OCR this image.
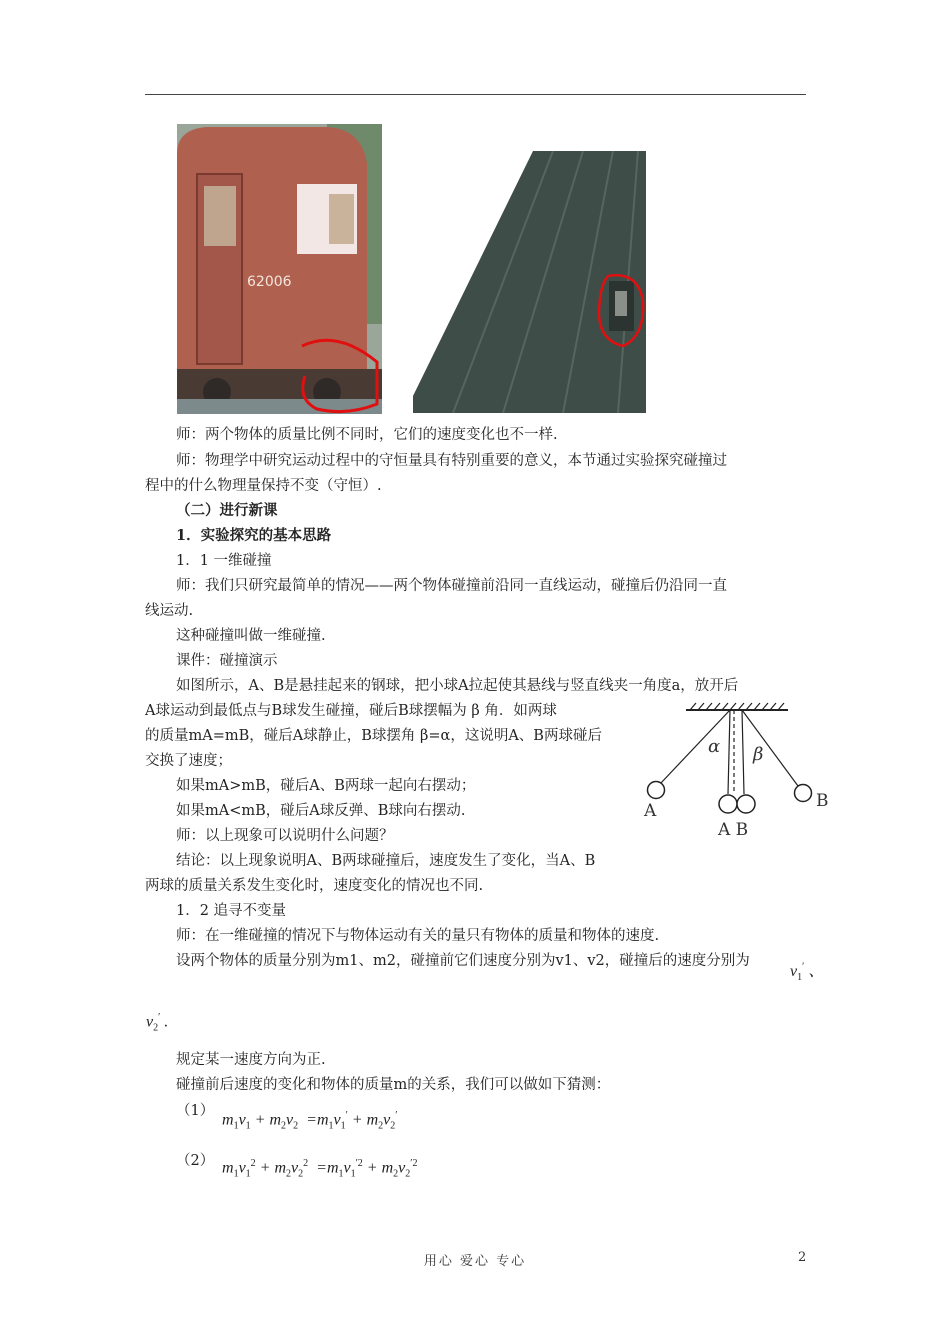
62006
师：两个物体的质量比例不同时，它们的速度变化也不一样.
师：物理学中研究运动过程中的守恒量具有特别重要的意义，本节通过实验探究碰撞过
程中的什么物理量保持不变（守恒）.
（二）进行新课
1．实验探究的基本思路
1．1 一维碰撞
师：我们只研究最简单的情况——两个物体碰撞前沿同一直线运动，碰撞后仍沿同一直
线运动.
这种碰撞叫做一维碰撞.
课件：碰撞演示
如图所示，A、B是悬挂起来的钢球，把小球A拉起使其悬线与竖直线夹一角度a，放开后
A球运动到最低点与B球发生碰撞，碰后B球摆幅为 β 角．如两球
的质量mA=mB，碰后A球静止，B球摆角 β=α，这说明A、B两球碰后
交换了速度；
如果mA>mB，碰后A、B两球一起向右摆动；
如果mA<mB，碰后A球反弹、B球向右摆动.
师：以上现象可以说明什么问题？
结论：以上现象说明A、B两球碰撞后，速度发生了变化，当A、B
两球的质量关系发生变化时，速度变化的情况也不同.
1．2 追寻不变量
师：在一维碰撞的情况下与物体运动有关的量只有物体的质量和物体的速度.
设两个物体的质量分别为m1、m2，碰撞前它们速度分别为v1、v2，碰撞后的速度分别为
$v_1'$ 、
$v_2'$ .
规定某一速度方向为正.
碰撞前后速度的变化和物体的质量m的关系，我们可以做如下猜测：
（1）
$m_1v_1 + m_2v_2 =m_1v_1' + m_2v_2'$
（2） $m_1v_1^2 + m_2v_2^2 =m_1v_1^{'2} + m_2v_2^{'2}$
α β
A	B
A B
用心 爱心 专心	2
